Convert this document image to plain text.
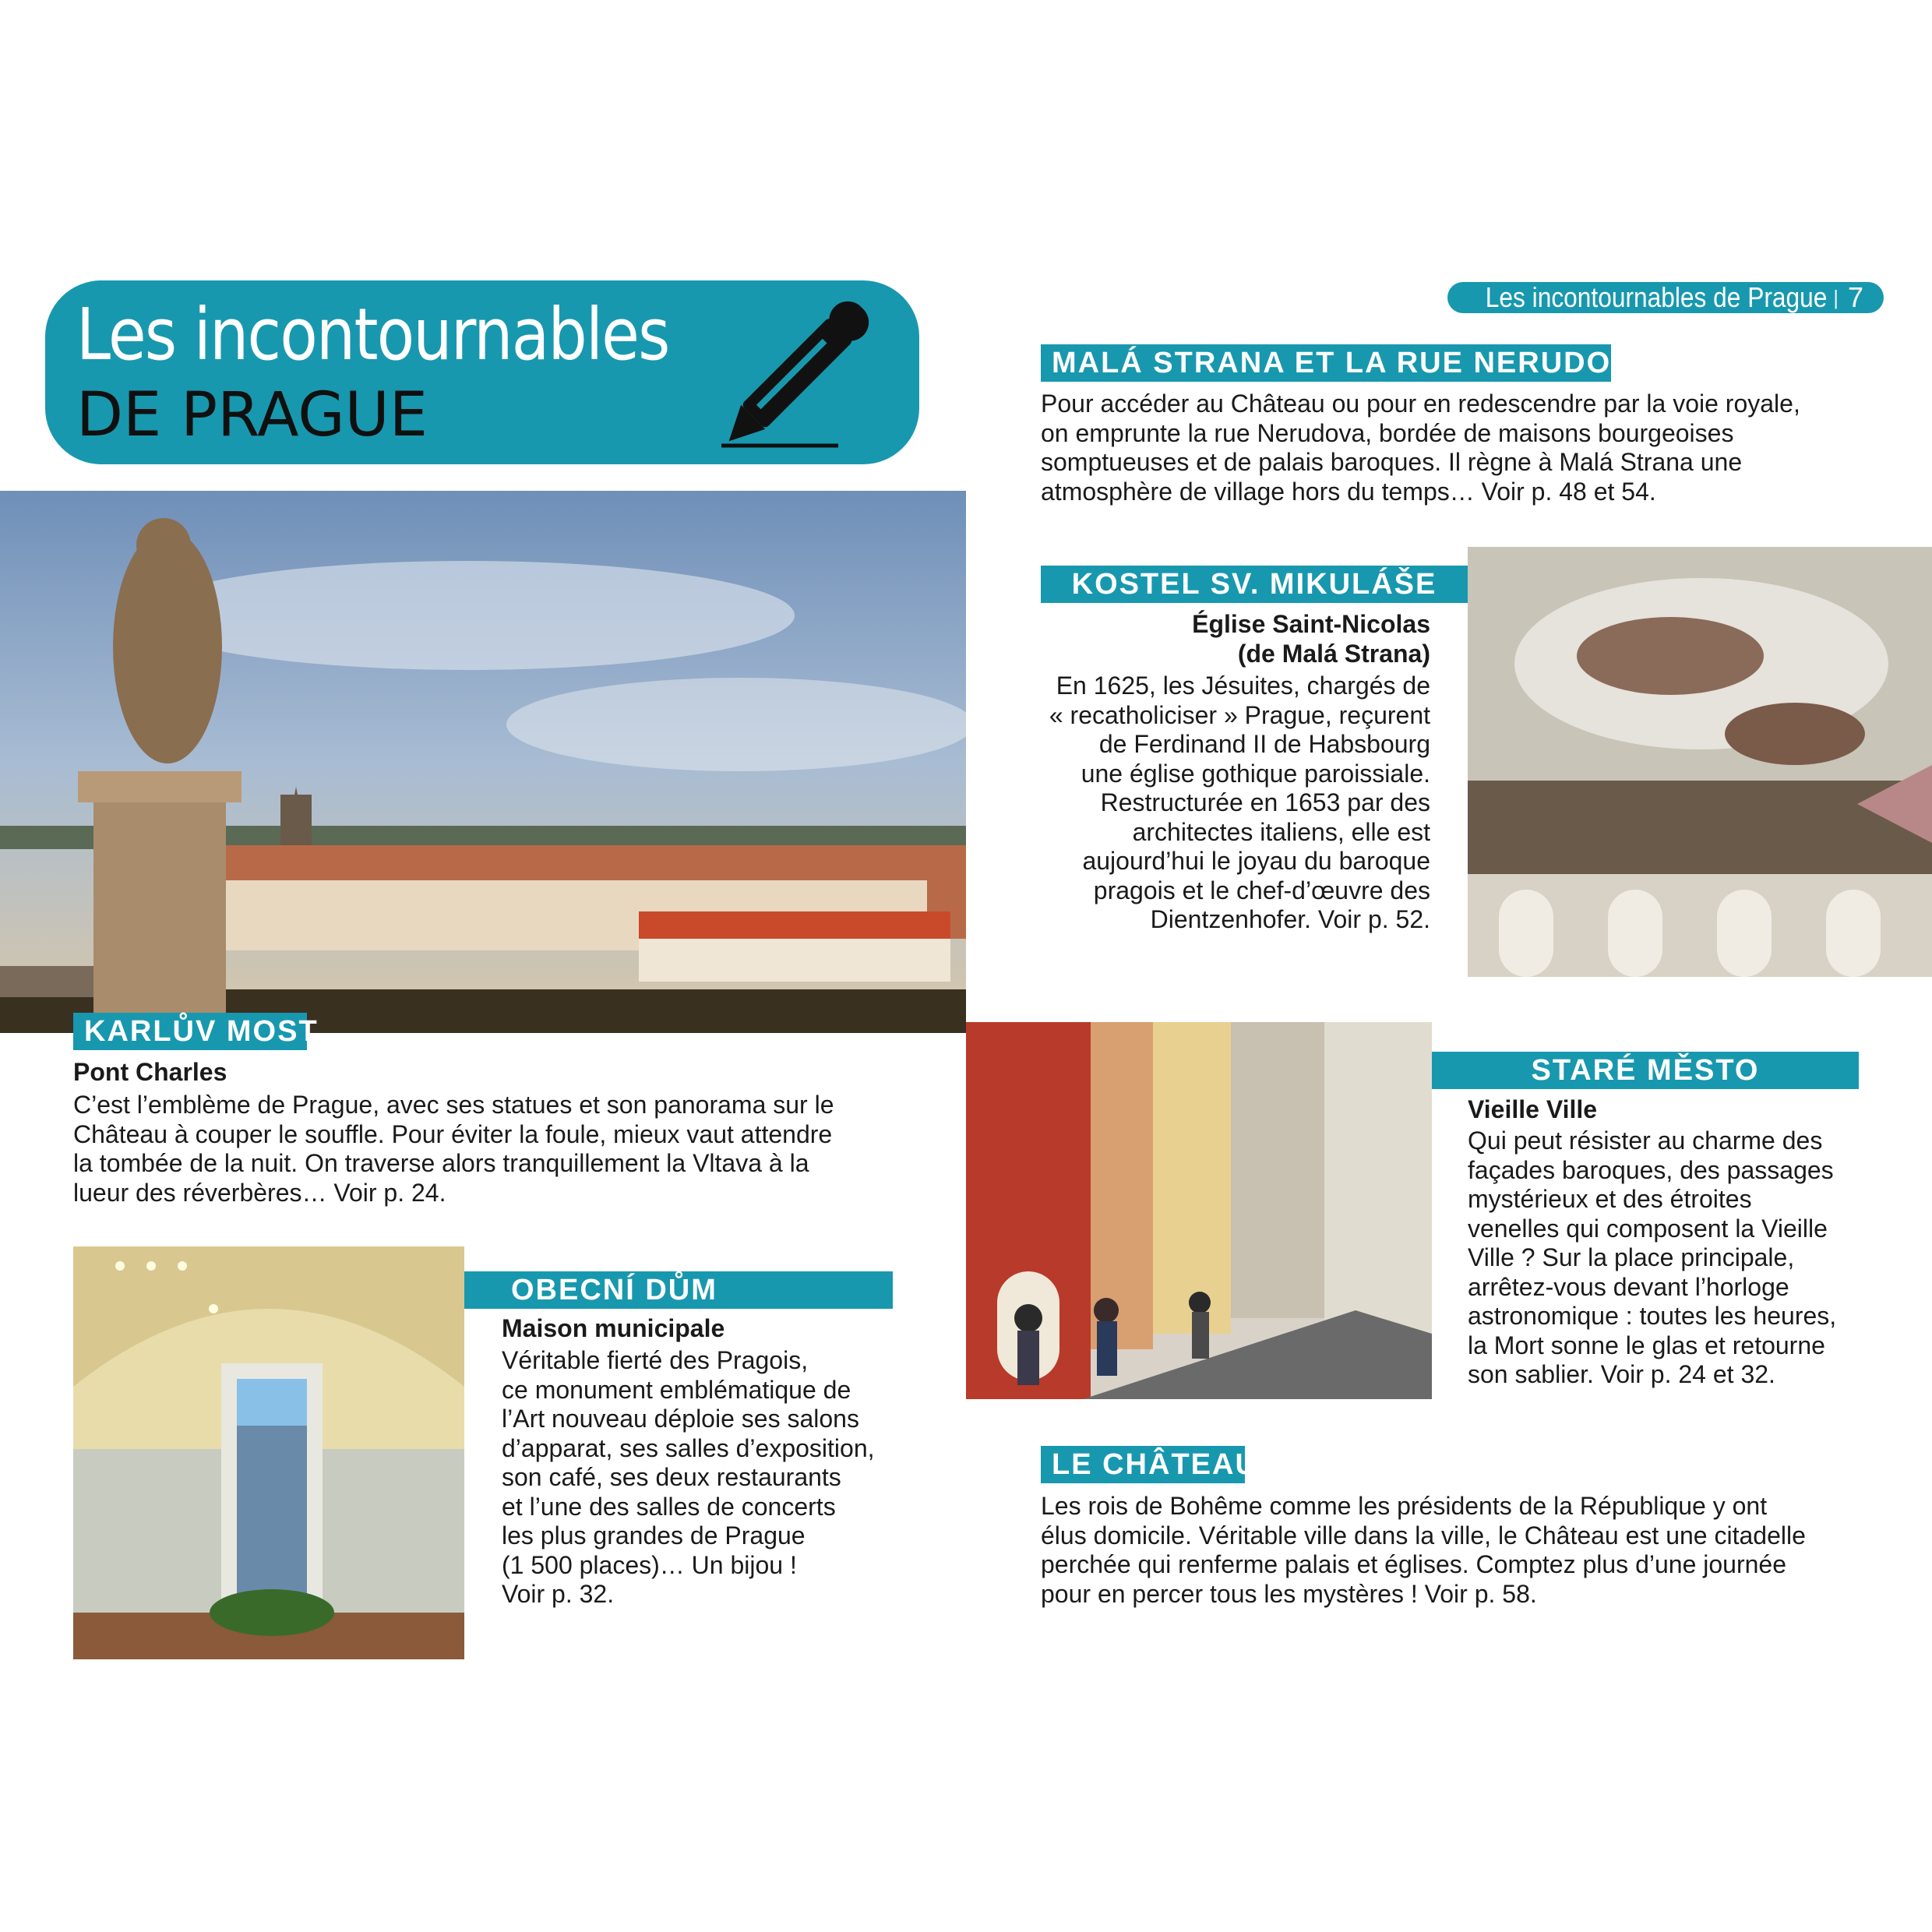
Les incontournables
DE PRAGUE
Les incontournables de Prague | 7
MALÁ STRANA ET LA RUE NERUDOVA
Pour accéder au Château ou pour en redescendre par la voie royale,
on emprunte la rue Nerudova, bordée de maisons bourgeoises
somptueuses et de palais baroques. Il règne à Malá Strana une
atmosphère de village hors du temps… Voir p. 48 et 54.
KOSTEL SV. MIKULÁŠE
Église Saint-Nicolas
(de Malá Strana)
En 1625, les Jésuites, chargés de
« recatholiciser » Prague, reçurent
de Ferdinand II de Habsbourg
une église gothique paroissiale.
Restructurée en 1653 par des
architectes italiens, elle est
aujourd’hui le joyau du baroque
pragois et le chef-d’œuvre des
Dientzenhofer. Voir p. 52.
KARLŮV MOST
Pont Charles
C’est l’emblème de Prague, avec ses statues et son panorama sur le
Château à couper le souffle. Pour éviter la foule, mieux vaut attendre
la tombée de la nuit. On traverse alors tranquillement la Vltava à la
lueur des réverbères… Voir p. 24.
STARÉ MĚSTO
Vieille Ville
Qui peut résister au charme des
façades baroques, des passages
mystérieux et des étroites
venelles qui composent la Vieille
Ville ? Sur la place principale,
arrêtez-vous devant l’horloge
astronomique : toutes les heures,
la Mort sonne le glas et retourne
son sablier. Voir p. 24 et 32.
OBECNÍ DŮM
Maison municipale
Véritable fierté des Pragois,
ce monument emblématique de
l’Art nouveau déploie ses salons
d’apparat, ses salles d’exposition,
son café, ses deux restaurants
et l’une des salles de concerts
les plus grandes de Prague
(1 500 places)… Un bijou !
Voir p. 32.
LE CHÂTEAU
Les rois de Bohême comme les présidents de la République y ont
élus domicile. Véritable ville dans la ville, le Château est une citadelle
perchée qui renferme palais et églises. Comptez plus d’une journée
pour en percer tous les mystères ! Voir p. 58.
